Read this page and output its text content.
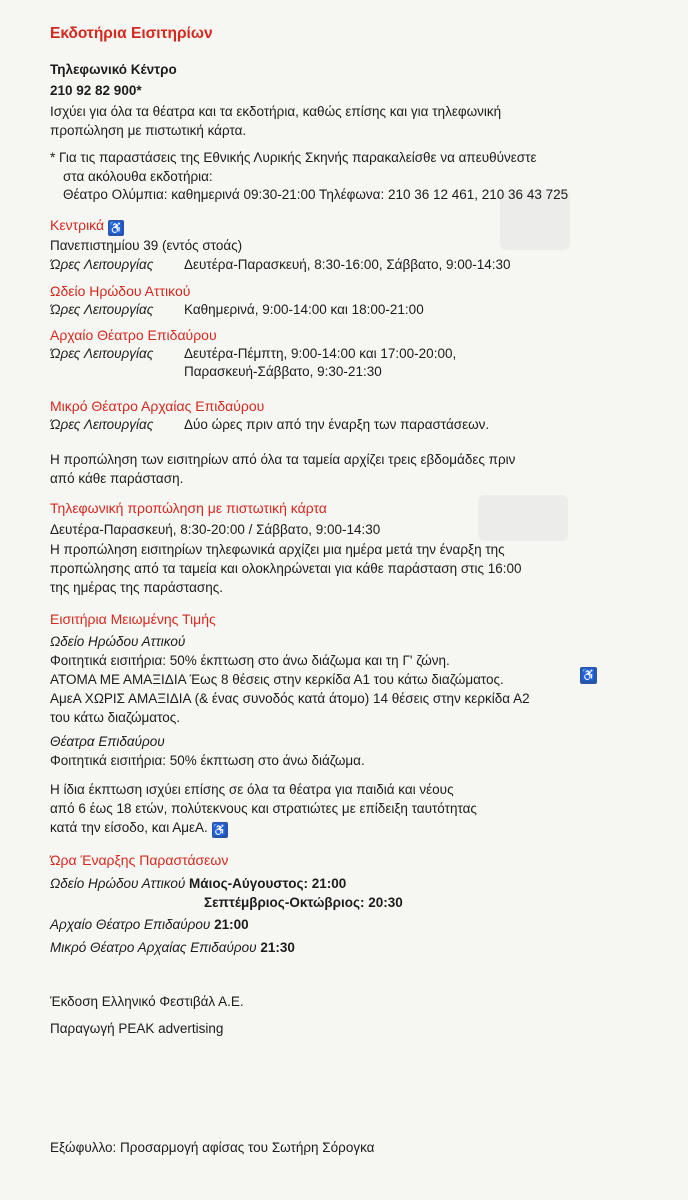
Εκδοτήρια Εισιτηρίων
Τηλεφωνικό Κέντρο
210 92 82 900*
Ισχύει για όλα τα θέατρα και τα εκδοτήρια, καθώς επίσης και για τηλεφωνική
προπώληση με πιστωτική κάρτα.
* Για τις παραστάσεις της Εθνικής Λυρικής Σκηνής παρακαλείσθε να απευθύνεστε
στα ακόλουθα εκδοτήρια:
Θέατρο Ολύμπια: καθημερινά 09:30-21:00 Τηλέφωνα: 210 36 12 461, 210 36 43 725
Κεντρικά ♿
Πανεπιστημίου 39 (εντός στοάς)
Ώρες Λειτουργίας Δευτέρα-Παρασκευή, 8:30-16:00, Σάββατο, 9:00-14:30
Ωδείο Ηρώδου Αττικού
Ώρες Λειτουργίας Καθημερινά, 9:00-14:00 και 18:00-21:00
Αρχαίο Θέατρο Επιδαύρου
Ώρες Λειτουργίας Δευτέρα-Πέμπτη, 9:00-14:00 και 17:00-20:00,
Παρασκευή-Σάββατο, 9:30-21:30
Μικρό Θέατρο Αρχαίας Επιδαύρου
Ώρες Λειτουργίας Δύο ώρες πριν από την έναρξη των παραστάσεων.
Η προπώληση των εισιτηρίων από όλα τα ταμεία αρχίζει τρεις εβδομάδες πριν
από κάθε παράσταση.
Τηλεφωνική προπώληση με πιστωτική κάρτα
Δευτέρα-Παρασκευή, 8:30-20:00 / Σάββατο, 9:00-14:30
Η προπώληση εισιτηρίων τηλεφωνικά αρχίζει μια ημέρα μετά την έναρξη της
προπώλησης από τα ταμεία και ολοκληρώνεται για κάθε παράσταση στις 16:00
της ημέρας της παράστασης.
Εισιτήρια Μειωμένης Τιμής
Ωδείο Ηρώδου Αττικού
Φοιτητικά εισιτήρια: 50% έκπτωση στο άνω διάζωμα και τη Γ' ζώνη.
ΑΤΟΜΑ ΜΕ ΑΜΑΞΙΔΙΑ Έως 8 θέσεις στην κερκίδα Α1 του κάτω διαζώματος.	♿
ΑμεΑ ΧΩΡΙΣ ΑΜΑΞΙΔΙΑ (& ένας συνοδός κατά άτομο) 14 θέσεις στην κερκίδα Α2
του κάτω διαζώματος.
Θέατρα Επιδαύρου
Φοιτητικά εισιτήρια: 50% έκπτωση στο άνω διάζωμα.
Η ίδια έκπτωση ισχύει επίσης σε όλα τα θέατρα για παιδιά και νέους
από 6 έως 18 ετών, πολύτεκνους και στρατιώτες με επίδειξη ταυτότητας
κατά την είσοδο, και ΑμεΑ. ♿
Ώρα Έναρξης Παραστάσεων
Ωδείο Ηρώδου Αττικού Μάιος-Αύγουστος: 21:00
Σεπτέμβριος-Οκτώβριος: 20:30
Αρχαίο Θέατρο Επιδαύρου 21:00
Μικρό Θέατρο Αρχαίας Επιδαύρου 21:30
Έκδοση Ελληνικό Φεστιβάλ Α.Ε.
Παραγωγή PEAK advertising
Εξώφυλλο: Προσαρμογή αφίσας του Σωτήρη Σόρογκα
